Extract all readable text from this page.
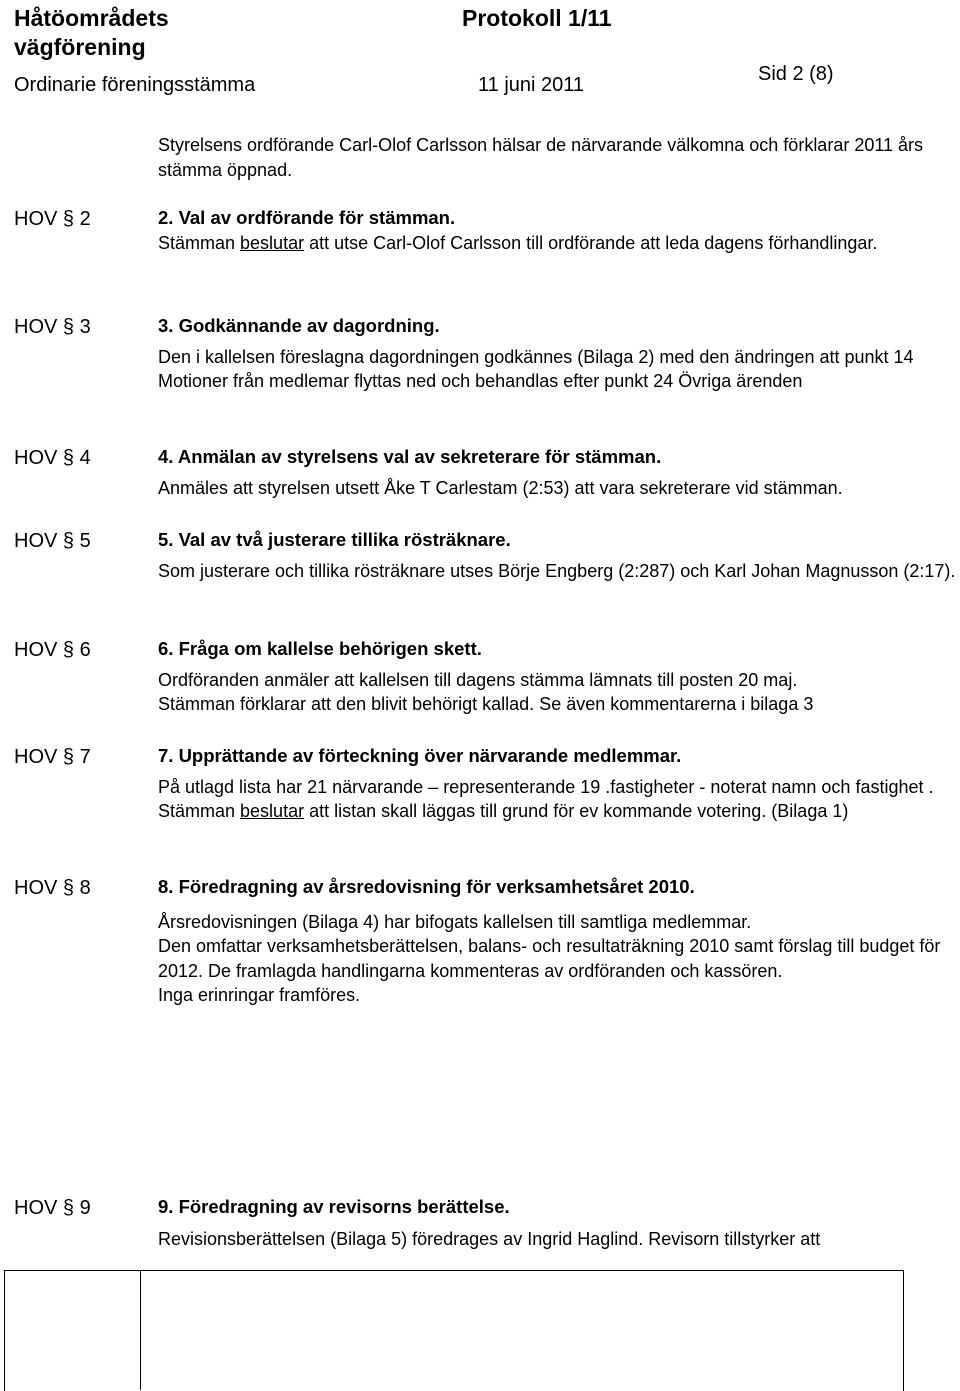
Håtöområdets
vägförening
Protokoll 1/11
Ordinarie föreningsstämma	11 juni 2011	Sid 2 (8)

Styrelsens ordförande Carl-Olof Carlsson hälsar de närvarande välkomna och förklarar 2011 års stämma öppnad.

HOV § 2	2. Val av ordförande för stämman.

Stämman beslutar att utse Carl-Olof Carlsson till ordförande att leda dagens förhandlingar.

HOV § 3	3. Godkännande av dagordning.

Den i kallelsen föreslagna dagordningen godkännes (Bilaga 2) med den ändringen att punkt 14 Motioner från medlemar flyttas ned och behandlas efter punkt 24 Övriga ärenden

HOV § 4	4. Anmälan av styrelsens val av sekreterare för stämman.

Anmäles att styrelsen utsett Åke T Carlestam (2:53) att vara sekreterare vid stämman.

HOV § 5	5. Val av två justerare tillika rösträknare.

Som justerare och tillika rösträknare utses Börje Engberg (2:287) och Karl Johan Magnusson (2:17).

HOV § 6	6. Fråga om kallelse behörigen skett.

Ordföranden anmäler att kallelsen till dagens stämma lämnats till posten 20 maj.

Stämman förklarar att den blivit behörigt kallad. Se även kommentarerna i bilaga 3

HOV § 7	7. Upprättande av förteckning över närvarande medlemmar.

På utlagd lista har 21 närvarande – representerande 19 .fastigheter - noterat namn och fastighet . Stämman beslutar att listan skall läggas till grund för ev kommande votering. (Bilaga 1)

HOV § 8	8. Föredragning av årsredovisning för verksamhetsåret 2010.

Årsredovisningen (Bilaga 4) har bifogats kallelsen till samtliga medlemmar.

Den omfattar verksamhetsberättelsen, balans- och resultaträkning 2010 samt förslag till budget för 2012. De framlagda handlingarna kommenteras av ordföranden och kassören.

Inga erinringar framföres.

HOV § 9	9. Föredragning av revisorns berättelse.

Revisionsberättelsen (Bilaga 5) föredrages av Ingrid Haglind. Revisorn tillstyrker att
